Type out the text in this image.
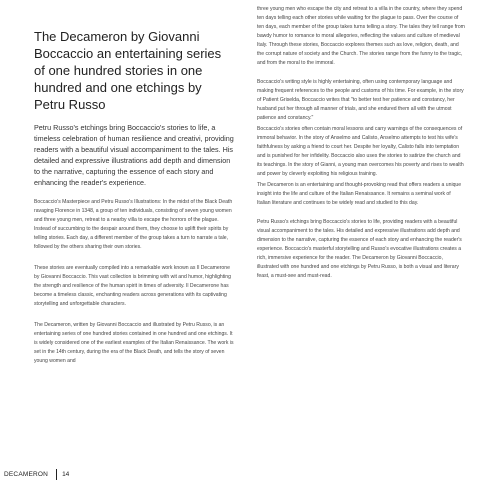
The Decameron by Giovanni Boccaccio an entertaining series of one hundred stories in one hundred and one etchings by Petru Russo

Petru Russo's etchings bring Boccaccio's stories to life, a timeless celebration of human resilience and creativi, providing readers with a beautiful visual accompaniment to the tales. His detailed and expressive illustrations add depth and dimension to the narrative, capturing the essence of each story and enhancing the reader's experience.

Boccaccio's Masterpiece and Petru Russo's Illustrations: In the midst of the Black Death ravaging Florence in 1348, a group of ten individuals, consisting of seven young women and three young men, retreat to a nearby villa to escape the horrors of the plague. Instead of succumbing to the despair around them, they choose to uplift their spirits by telling stories. Each day, a different member of the group takes a turn to narrate a tale, followed by the others sharing their own stories.

These stories are eventually compiled into a remarkable work known as Il Decamerone by Giovanni Boccaccio. This vast collection is brimming with wit and humor, highlighting the strength and resilience of the human spirit in times of adversity. Il Decamerone has become a timeless classic, enchanting readers across generations with its captivating storytelling and unforgettable characters.

The Decameron, written by Giovanni Boccaccio and illustrated by Petru Russo, is an entertaining series of one hundred stories contained in one hundred and one etchings. It is widely considered one of the earliest examples of the Italian Renaissance. The work is set in the 14th century, during the era of the Black Death, and tells the story of seven young women and

three young men who escape the city and retreat to a villa in the country, where they spend ten days telling each other stories while waiting for the plague to pass. Over the course of ten days, each member of the group takes turns telling a story. The tales they tell range from bawdy humor to romance to moral allegories, reflecting the values and culture of medieval Italy. Through these stories, Boccaccio explores themes such as love, religion, death, and the corrupt nature of society and the Church. The stories range from the funny to the tragic, and from the moral to the immoral.

Boccaccio's writing style is highly entertaining, often using contemporary language and making frequent references to the people and customs of his time. For example, in the story of Patient Griselda, Boccaccio writes that "to better test her patience and constancy, her husband put her through all manner of trials, and she endured them all with the utmost patience and constancy."

Boccaccio's stories often contain moral lessons and carry warnings of the consequences of immoral behavior. In the story of Anselmo and Calisto, Anselmo attempts to test his wife's faithfulness by asking a friend to court her. Despite her loyalty, Calisto falls into temptation and is punished for her infidelity. Boccaccio also uses the stories to satirize the church and its teachings. In the story of Gianni, a young man overcomes his poverty and rises to wealth and power by cleverly exploiting his religious training.

The Decameron is an entertaining and thought-provoking read that offers readers a unique insight into the life and culture of the Italian Renaissance. It remains a seminal work of Italian literature and continues to be widely read and studied to this day.

Petru Russo's etchings bring Boccaccio's stories to life, providing readers with a beautiful visual accompaniment to the tales. His detailed and expressive illustrations add depth and dimension to the narrative, capturing the essence of each story and enhancing the reader's experience. Boccaccio's masterful storytelling and Russo's evocative illustrations creates a rich, immersive experience for the reader. The Decameron by Giovanni Boccaccio, illustrated with one hundred and one etchings by Petru Russo, is both a visual and literary feast, a must-see and must-read.

DECAMERON 14
